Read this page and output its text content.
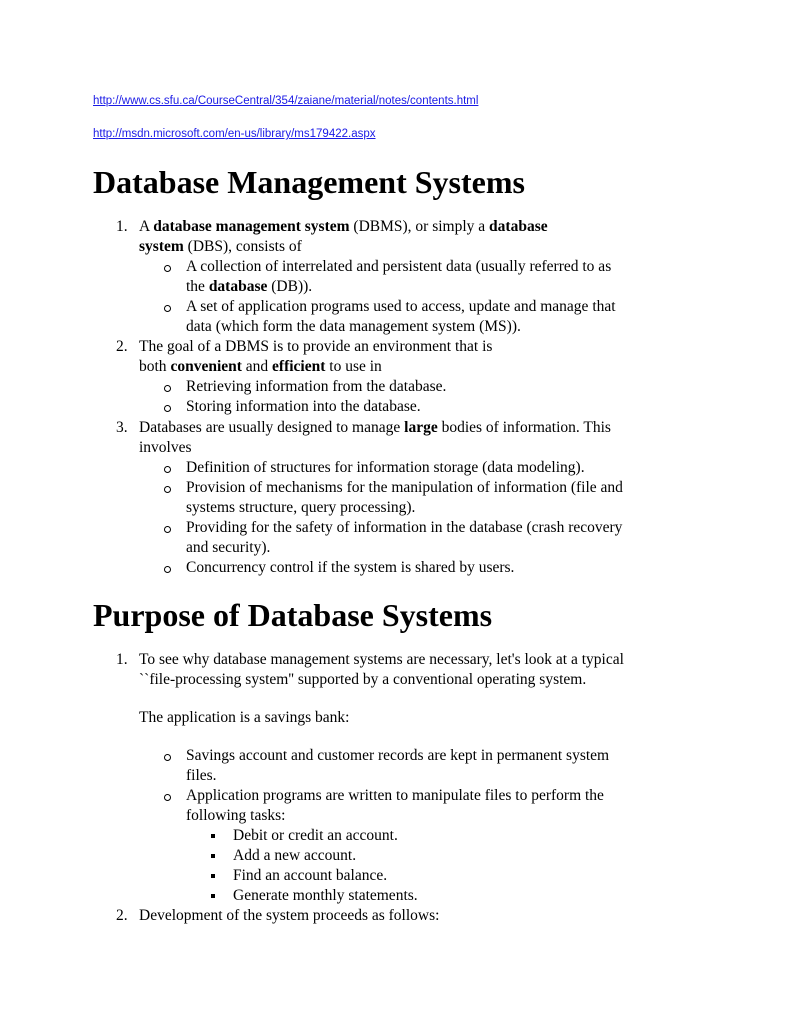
http://www.cs.sfu.ca/CourseCentral/354/zaiane/material/notes/contents.html
http://msdn.microsoft.com/en-us/library/ms179422.aspx
Database Management Systems
1. A database management system (DBMS), or simply a database
system (DBS), consists of
A collection of interrelated and persistent data (usually referred to as
the database (DB)).
A set of application programs used to access, update and manage that
data (which form the data management system (MS)).
2. The goal of a DBMS is to provide an environment that is
both convenient and efficient to use in
Retrieving information from the database.
Storing information into the database.
3. Databases are usually designed to manage large bodies of information. This
involves
Definition of structures for information storage (data modeling).
Provision of mechanisms for the manipulation of information (file and
systems structure, query processing).
Providing for the safety of information in the database (crash recovery
and security).
Concurrency control if the system is shared by users.
Purpose of Database Systems
1. To see why database management systems are necessary, let's look at a typical
``file-processing system'' supported by a conventional operating system.
The application is a savings bank:
Savings account and customer records are kept in permanent system
files.
Application programs are written to manipulate files to perform the
following tasks:
Debit or credit an account.
Add a new account.
Find an account balance.
Generate monthly statements.
2. Development of the system proceeds as follows:
